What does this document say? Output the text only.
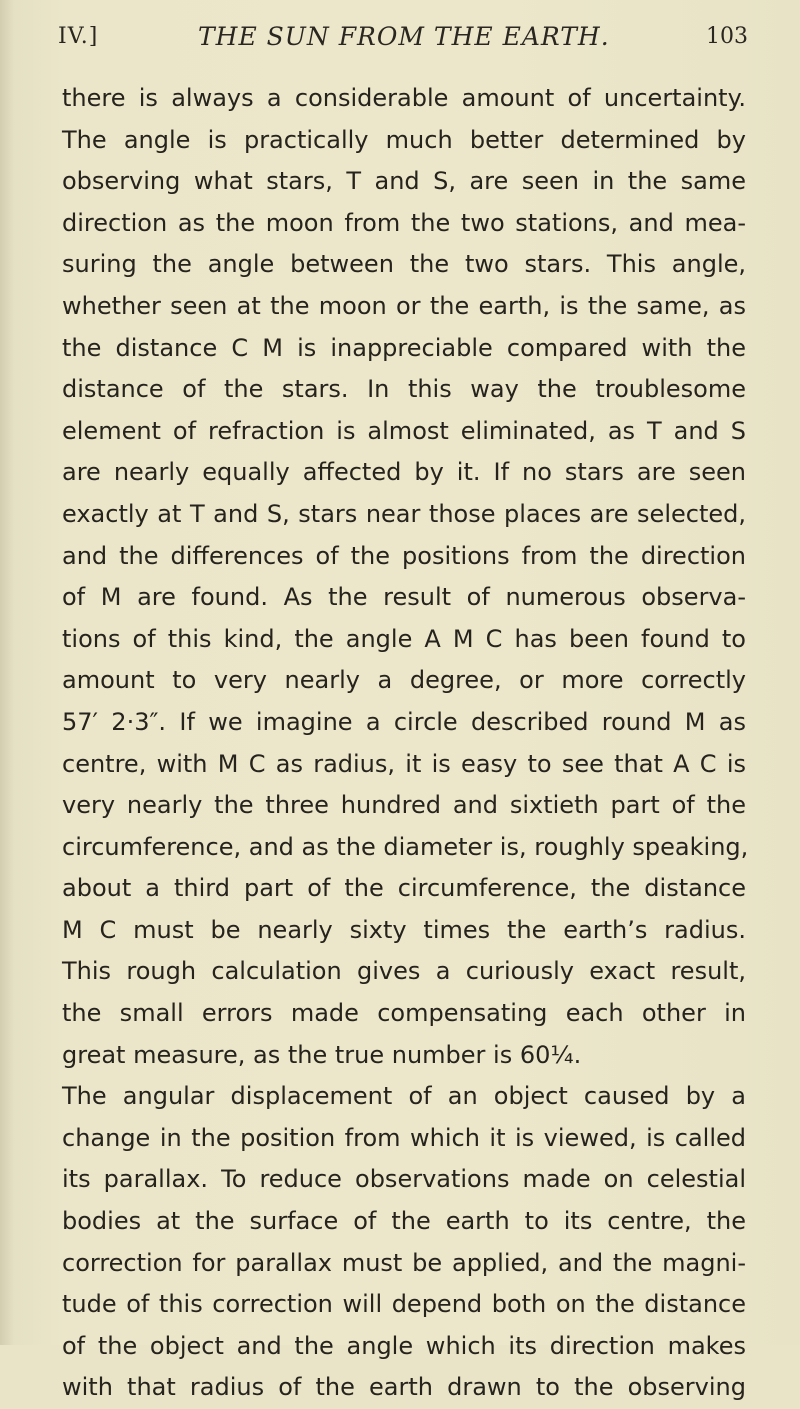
IV.]	THE SUN FROM THE EARTH.	103
there is always a considerable amount of uncertainty.
The angle is practically much better determined by
observing what stars, T and S, are seen in the same
direction as the moon from the two stations, and mea-
suring the angle between the two stars. This angle,
whether seen at the moon or the earth, is the same, as
the distance C M is inappreciable compared with the
distance of the stars. In this way the troublesome
element of refraction is almost eliminated, as T and S
are nearly equally affected by it. If no stars are seen
exactly at T and S, stars near those places are selected,
and the differences of the positions from the direction
of M are found. As the result of numerous observa-
tions of this kind, the angle A M C has been found to
amount to very nearly a degree, or more correctly
57′ 2·3″. If we imagine a circle described round M as
centre, with M C as radius, it is easy to see that A C is
very nearly the three hundred and sixtieth part of the
circumference, and as the diameter is, roughly speaking,
about a third part of the circumference, the distance
M C must be nearly sixty times the earth’s radius.
This rough calculation gives a curiously exact result,
the small errors made compensating each other in
great measure, as the true number is 60¼.
The angular displacement of an object caused by a
change in the position from which it is viewed, is called
its parallax. To reduce observations made on celestial
bodies at the surface of the earth to its centre, the
correction for parallax must be applied, and the magni-
tude of this correction will depend both on the distance
of the object and the angle which its direction makes
with that radius of the earth drawn to the observing
